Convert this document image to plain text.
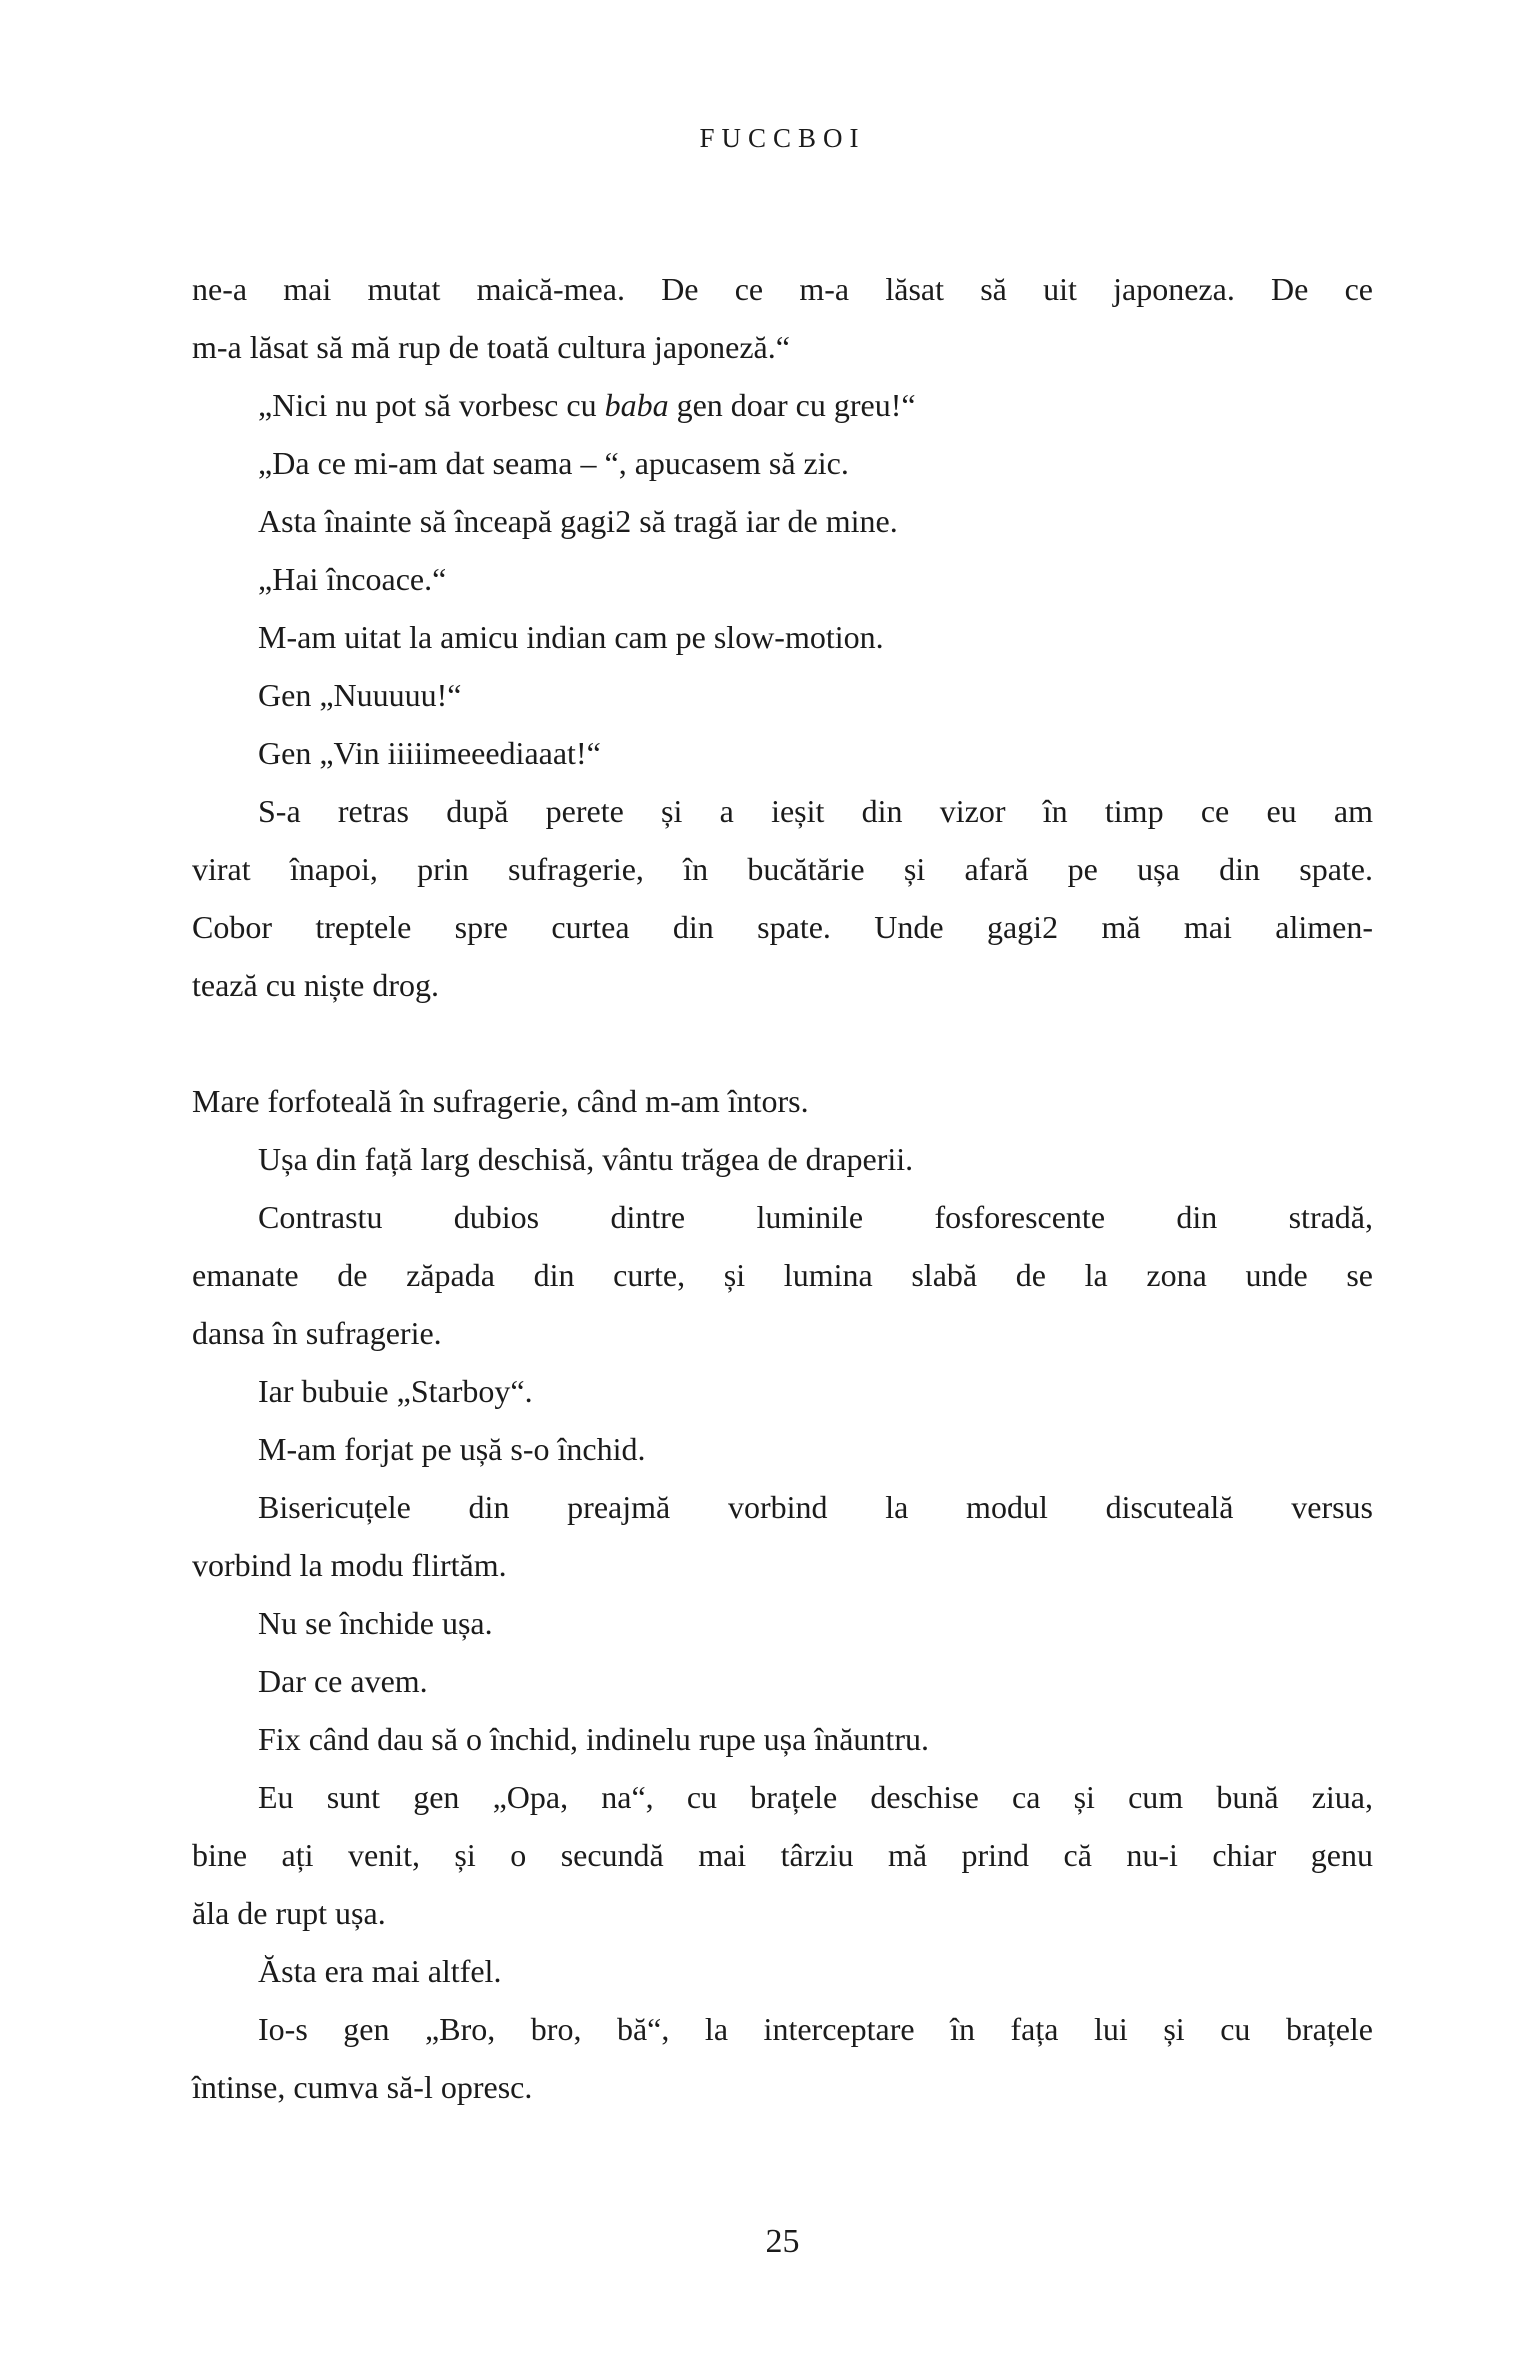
FUCCBOI
ne-a mai mutat maică-mea. De ce m-a lăsat să uit japoneza. De ce
m-a lăsat să mă rup de toată cultura japoneză.“
„Nici nu pot să vorbesc cu baba gen doar cu greu!“
„Da ce mi-am dat seama – “, apucasem să zic.
Asta înainte să înceapă gagi2 să tragă iar de mine.
„Hai încoace.“
M-am uitat la amicu indian cam pe slow-motion.
Gen „Nuuuuu!“
Gen „Vin iiiiimeeediaaat!“
S-a retras după perete și a ieșit din vizor în timp ce eu am
virat înapoi, prin sufragerie, în bucătărie și afară pe ușa din spate.
Cobor treptele spre curtea din spate. Unde gagi2 mă mai alimen-
tează cu niște drog.
Mare forfoteală în sufragerie, când m-am întors.
Ușa din față larg deschisă, vântu trăgea de draperii.
Contrastu dubios dintre luminile fosforescente din stradă,
emanate de zăpada din curte, și lumina slabă de la zona unde se
dansa în sufragerie.
Iar bubuie „Starboy“.
M-am forjat pe ușă s-o închid.
Bisericuțele din preajmă vorbind la modul discuteală versus
vorbind la modu flirtăm.
Nu se închide ușa.
Dar ce avem.
Fix când dau să o închid, indinelu rupe ușa înăuntru.
Eu sunt gen „Opa, na“, cu brațele deschise ca și cum bună ziua,
bine ați venit, și o secundă mai târziu mă prind că nu-i chiar genu
ăla de rupt ușa.
Ăsta era mai altfel.
Io-s gen „Bro, bro, bă“, la interceptare în fața lui și cu brațele
întinse, cumva să-l opresc.
25
